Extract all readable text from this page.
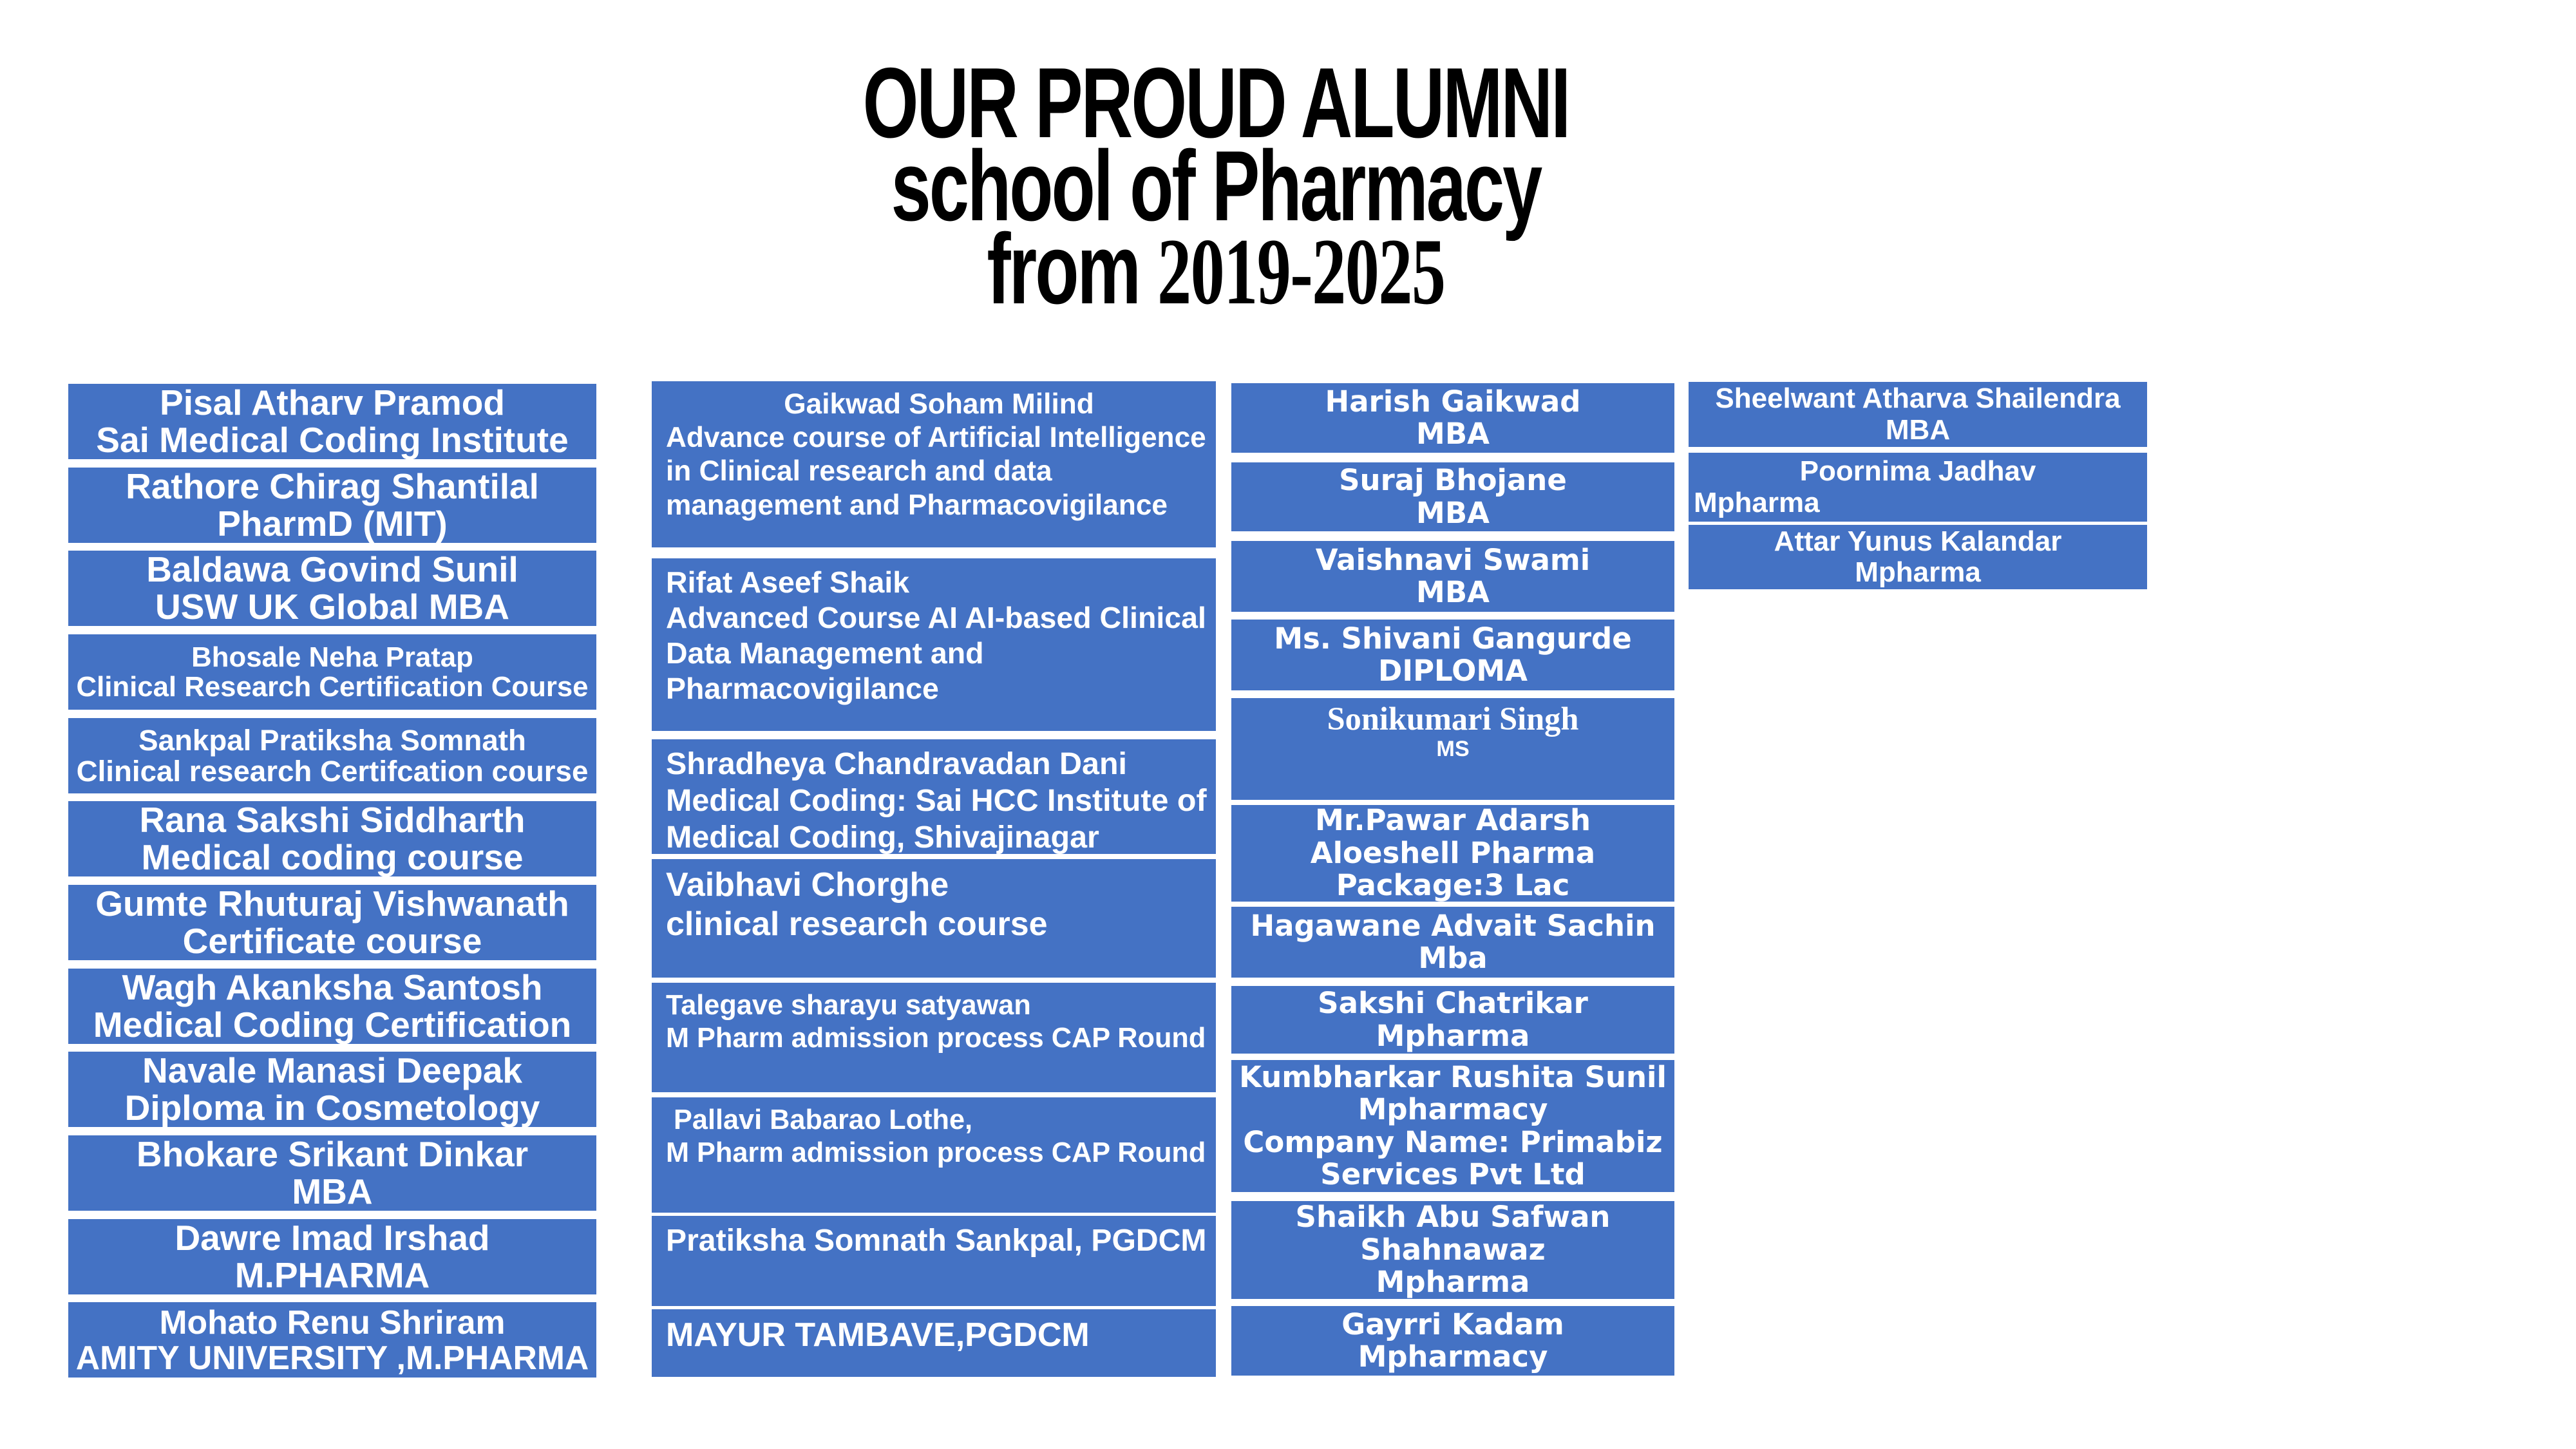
OUR PROUD ALUMNI
school of Pharmacy
from 2019-2025
Pisal Atharv Pramod
Sai Medical Coding Institute
Rathore Chirag Shantilal
PharmD (MIT)
Baldawa Govind Sunil
USW UK Global MBA
Bhosale Neha Pratap
Clinical Research Certification Course
Sankpal Pratiksha Somnath
Clinical research Certifcation course
Rana Sakshi Siddharth
Medical coding course
Gumte Rhuturaj Vishwanath
Certificate course
Wagh Akanksha Santosh
Medical Coding Certification
Navale Manasi Deepak
Diploma in Cosmetology
Bhokare Srikant Dinkar
MBA
Dawre Imad Irshad
M.PHARMA
Mohato Renu Shriram
AMITY UNIVERSITY ,M.PHARMA
Gaikwad Soham Milind
Advance course of Artificial Intelligence
in Clinical research and data
management and Pharmacovigilance
Rifat Aseef Shaik
Advanced Course AI AI-based Clinical
Data Management and
Pharmacovigilance
Shradheya Chandravadan Dani
Medical Coding: Sai HCC Institute of
Medical Coding, Shivajinagar
Vaibhavi Chorghe
clinical research course
Talegave sharayu satyawan
M Pharm admission process CAP Round
Pallavi Babarao Lothe,
M Pharm admission process CAP Round
Pratiksha Somnath Sankpal, PGDCM
MAYUR TAMBAVE,PGDCM
Harish Gaikwad
MBA
Suraj Bhojane
MBA
Vaishnavi Swami
MBA
Ms. Shivani Gangurde
DIPLOMA
Sonikumari Singh
MS
Mr.Pawar Adarsh
Aloeshell Pharma
Package:3 Lac
Hagawane Advait Sachin
Mba
Sakshi Chatrikar
Mpharma
Kumbharkar Rushita Sunil
Mpharmacy
Company Name: Primabiz
Services Pvt Ltd
Shaikh Abu Safwan
Shahnawaz
Mpharma
Gayrri Kadam
Mpharmacy
Sheelwant Atharva Shailendra
MBA
Poornima Jadhav
Mpharma
Attar Yunus Kalandar
Mpharma
